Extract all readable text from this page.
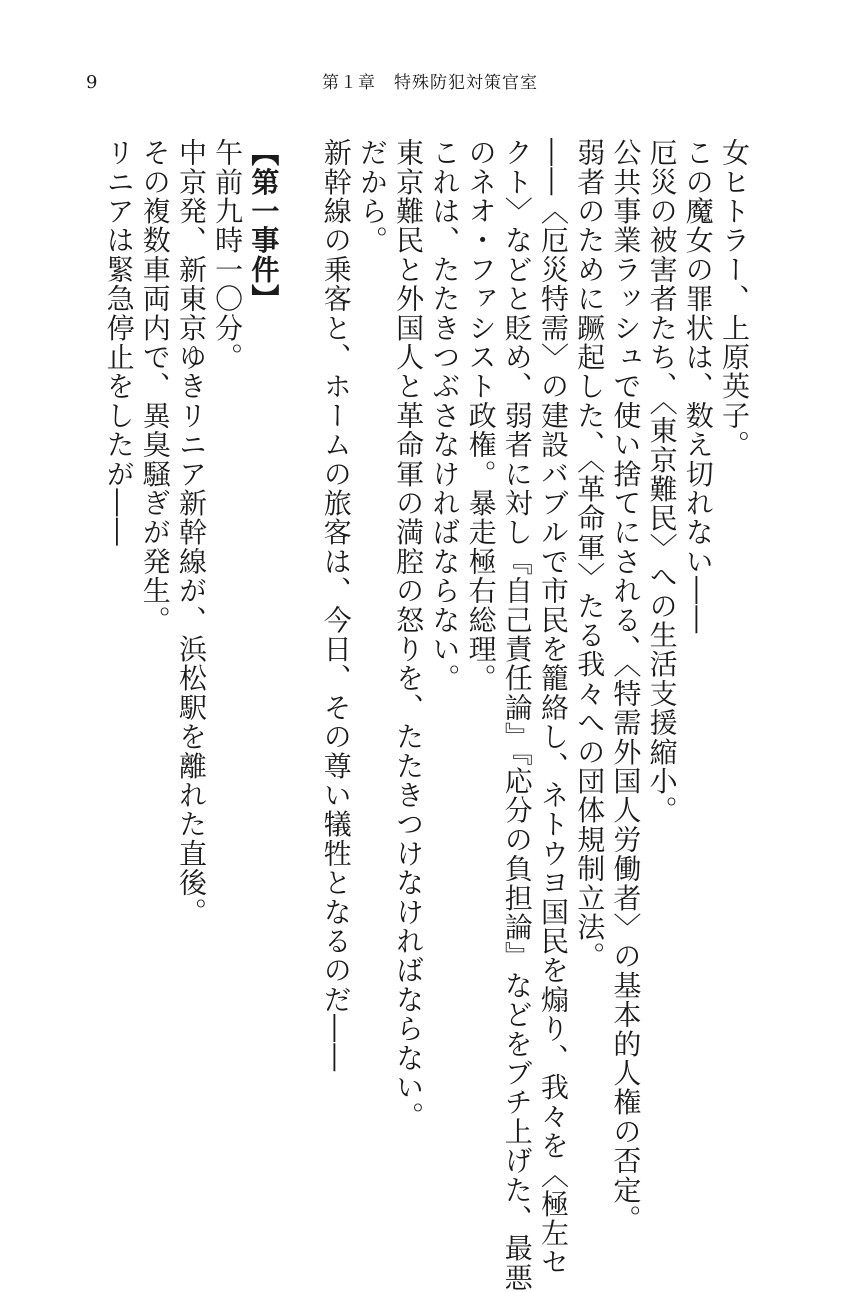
9	第１章　特殊防犯対策官室
女ヒトラー、上原英子。
この魔女の罪状は、数え切れない――
厄災の被害者たち、〈東京難民〉への生活支援縮小。
公共事業ラッシュで使い捨てにされる、〈特需外国人労働者〉の基本的人権の否定。
弱者のために蹶起した、〈革命軍〉たる我々への団体規制立法。
――〈厄災特需〉の建設バブルで市民を籠絡し、ネトウヨ国民を煽り、我々を〈極左セ
クト〉などと貶め、弱者に対し『自己責任論』『応分の負担論』などをブチ上げた、最悪
のネオ・ファシスト政権。暴走極右総理。
これは、たたきつぶさなければならない。
東京難民と外国人と革命軍の満腔の怒りを、たたきつけなければならない。
だから。
新幹線の乗客と、ホームの旅客は、今日、その尊い犠牲となるのだ――
【第一事件】
午前九時一〇分。
中京発、新東京ゆきリニア新幹線が、浜松駅を離れた直後。
その複数車両内で、異臭騒ぎが発生。
リニアは緊急停止をしたが――
